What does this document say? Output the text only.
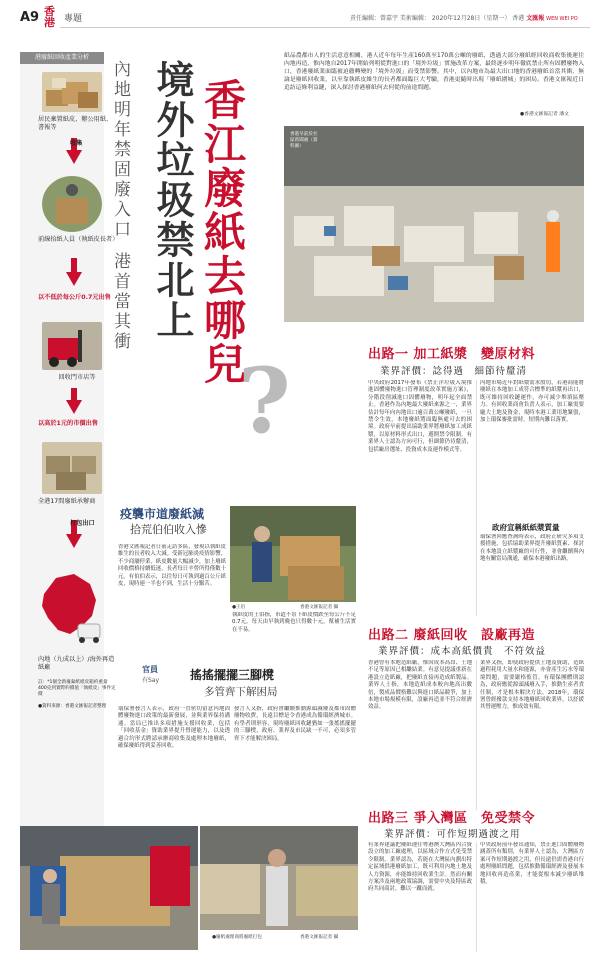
A9 香港	專題	責任編輯：曾嘉宇 美術編輯： 2020年12月28日（星期一） 香港 文匯報 WEN WEI PO
港廢紙回收產業分析
居民棄置紙皮、辦公用紙、書報等
收集
前線拾紙人員（執紙皮長者）
以不低於每公斤0.7元出售
回收門市店等
以高於1元的市價出售
全港17間廢紙承辦商
打包出口
內地（九成以上）/海外再造紙廠
註：*1個全新廢棄紙紙皮箱約重量400克到實際約價值「執紙皮」事件定價
●資料來源：香港文匯報記者整理
香江廢紙去哪兒
境外垃圾禁北上
內地明年禁固廢入口
港首當其衝
?
紙品農都市人的生活意意相關，港人近年每年生產160萬至170萬公噸的廢紙，透過大部分廢紙經回收商收集後運往內地再造，惟內地自2017年開始列明從對進口的「境外垃圾」實施改革方案，最終逐步明年徹底禁止所有固體廢物入口，香港廢紙業面臨被迫徹轉變的「境外垃圾」而受禁影響。其中，以內地市為最大出口地的香港廢紙首當其衝，無論是廢紙回收業，以至靠執紙皮維生的長者都面臨巨大考驗，香港更隨時出現「廢紙圍城」的困局。香港文匯報近日追訪這條利益鏈，深入探討香港廢紙何去何從的前途問題。
●香港文匯報記者 潘文
香港早前於社
區新聞處（資
料圖）
出路一 加工紙漿　變原材料
業界評價：諗得過　細節待釐清
中央政府2017年發布《禁止洋垃圾入境推進固體廢物進口管理制度改革實施方案》，分階段削減進口固體廢物，明年起全面禁止。香港作為內地最大廢紙來源之一，業界估計每年向內地出口逾百萬公噸廢紙，一旦禁令生效，本地廢紙將面臨無處可去的困境。政府早前提出協助業界將廢紙加工成紙漿，以原材料形式出口，避開禁令限制。有業界人士認為方向可行，但細節仍待釐清，包括廠房選址、投資成本及運作模式等。
內地市場近年對紙漿需求殷切，若港商能將廢紙在本地加工成符合標準的紙漿再出口，既可維持回收鏈運作，亦可減少堆填區壓力。有回收業商會負責人表示，加工廠需要龐大土地及資金，現時本港工業用地緊張，加上環保審批需時，短期內難以落實。
政府宣稱紙紙漿質量
環保署回應查詢時表示，政府正研究多項支援措施，包括協助業界提升廢紙質素、探討在本地設立紙漿廠的可行性，並會繼續與內地有關當局溝通，確保本港廢紙出路。
疫襲市道廢紙減
拾荒伯伯收入慘
香港文匯報記者日前走訪多區，發現以執紙皮維生的長者收入大減。受新冠肺炎疫情影響，不少商舖停業，紙皮數量大幅減少，加上廢紙回收價格持續低迷，長者每日辛勞所得僅數十元。有伯伯表示，以往每日可執到過百公斤紙皮，現時連一半也不到，生活十分艱苦。
●王伯	香港文匯報記者 攝
執紙皮的王伯指，市道不景下紙皮價跌至每公斤不足0.7元，每天由早執到晚也只得數十元，幫補生活實在不易。
官員
有Say	搖搖擺擺三腳櫈
多管齊下解困局
環保署發言人表示，政府一直密切留意內地固體廢物進口政策的最新發展，並與業界保持溝通。當局已推出多項措施支援回收業，包括「回收基金」資助業界提升營運能力，以及透過合約形式聘請承辦商收集及處理本地廢紙，確保廢紙得到妥善回收。
發言人又指，政府會繼續推動源頭減廢及都市固體廢物收費，長遠目標是令香港成為循環經濟城市。有學者則形容，現時廢紙回收鏈猶如一張搖搖擺擺的三腳櫈，政府、業界及市民缺一不可，必須多管齊下才能解決困局。
出路二 廢紙回收　設廠再造
業界評價：成本高紙價貴　不符效益
香港曾有本地造紙廠，惟因成本高昂、土地不足等原因已相繼結業。有意見提議重新在港設立造紙廠，把廢紙直接再造成紙製品。業界人士指，本地造紙成本較內地高出數倍，製成品價格難以與進口紙品競爭，加上本地市場規模有限，設廠再造並不符合經濟效益。
業界又指，即使政府提供土地及資助，造紙過程耗用大量水和能源，亦會產生污水等環境問題，需要嚴格監管。有環保團體則認為，政府應從源頭減廢入手，推動生產者責任制，才是根本解決方法。2018年，環保署曾經撥款支持本地廢紙回收業界，以紓緩其營運壓力，惟成效有限。
出路三 爭入灣區　免受禁令
業界評價：可作短期過渡之用
有業界建議把廢紙運往粵港澳大灣區內合資設立的加工廠處理，以區域合作方式免受禁令限制。業界認為，若能在大灣區內劃出特定區域供港廢紙加工，既可利用內地土地及人力資源，亦能維持回收業生計。然而有關方案涉及兩地政策協調，需要中央及特區政府共同商討，難以一蹴而就。
中央政府前年發出通知，禁止進口固體廢物涵蓋所有類別，有業界人士認為，大灣區方案可作短期過渡之用，但長遠仍需香港自行處理廢紙問題，包括推動循環經濟及發展本地回收再造產業，才能從根本減少廢紙堆積。
●廢紙處理商將廢紙打包	香港文匯報記者 攝
